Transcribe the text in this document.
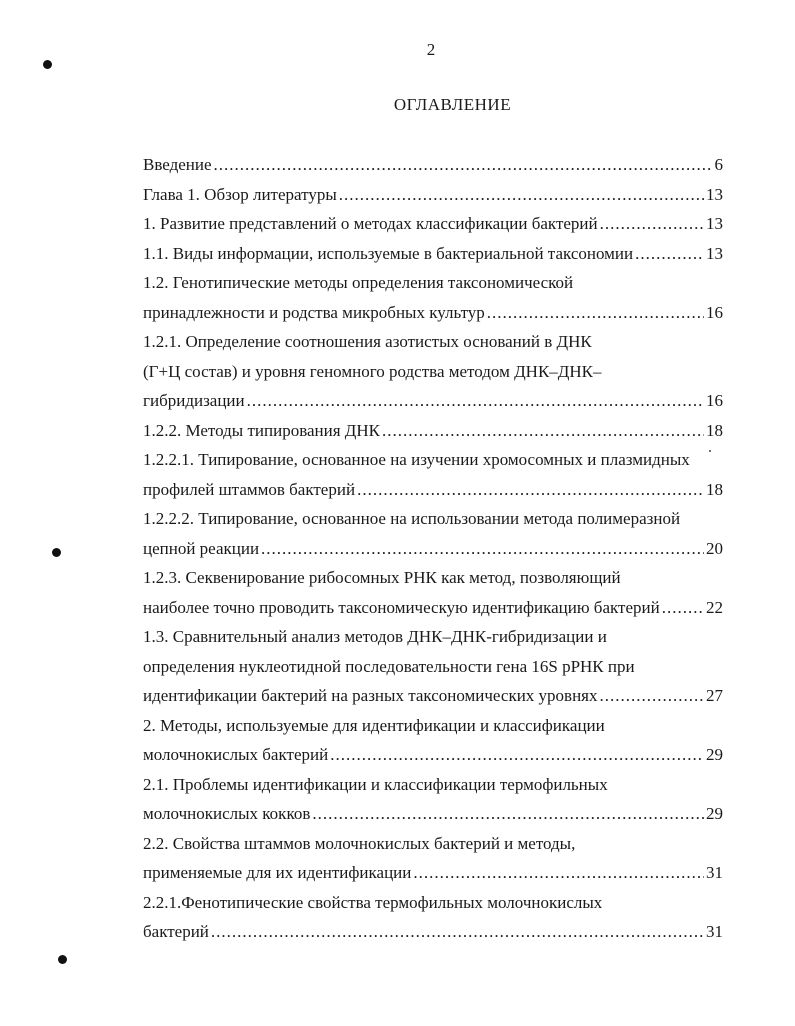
2
ОГЛАВЛЕНИЕ
Введение .....	6
Глава 1. Обзор литературы .....	13
1. Развитие представлений о методах классификации бактерий .....	13
1.1. Виды информации, используемые в бактериальной таксономии .....	13
1.2. Генотипические методы определения таксономической
принадлежности и родства микробных культур .....	16
1.2.1. Определение соотношения азотистых оснований в ДНК
(Г+Ц состав) и уровня геномного родства методом ДНК–ДНК–
гибридизации .....	16
1.2.2. Методы типирования ДНК .....	18
1.2.2.1. Типирование, основанное на изучении хромосомных и плазмидных
профилей штаммов бактерий .....	18
1.2.2.2. Типирование, основанное на использовании метода полимеразной
цепной реакции .....	20
1.2.3. Секвенирование рибосомных РНК как метод, позволяющий
наиболее точно проводить таксономическую идентификацию бактерий .....	22
1.3. Сравнительный анализ методов ДНК–ДНК-гибридизации и
определения нуклеотидной последовательности гена 16S рРНК при
идентификации бактерий на разных таксономических уровнях .....	27
2. Методы, используемые для идентификации и классификации
молочнокислых бактерий .....	29
2.1. Проблемы идентификации и классификации термофильных
молочнокислых кокков .....	29
2.2. Свойства штаммов молочнокислых бактерий и методы,
применяемые для их идентификации .....	31
2.2.1.Фенотипические свойства термофильных молочнокислых
бактерий .....	31
